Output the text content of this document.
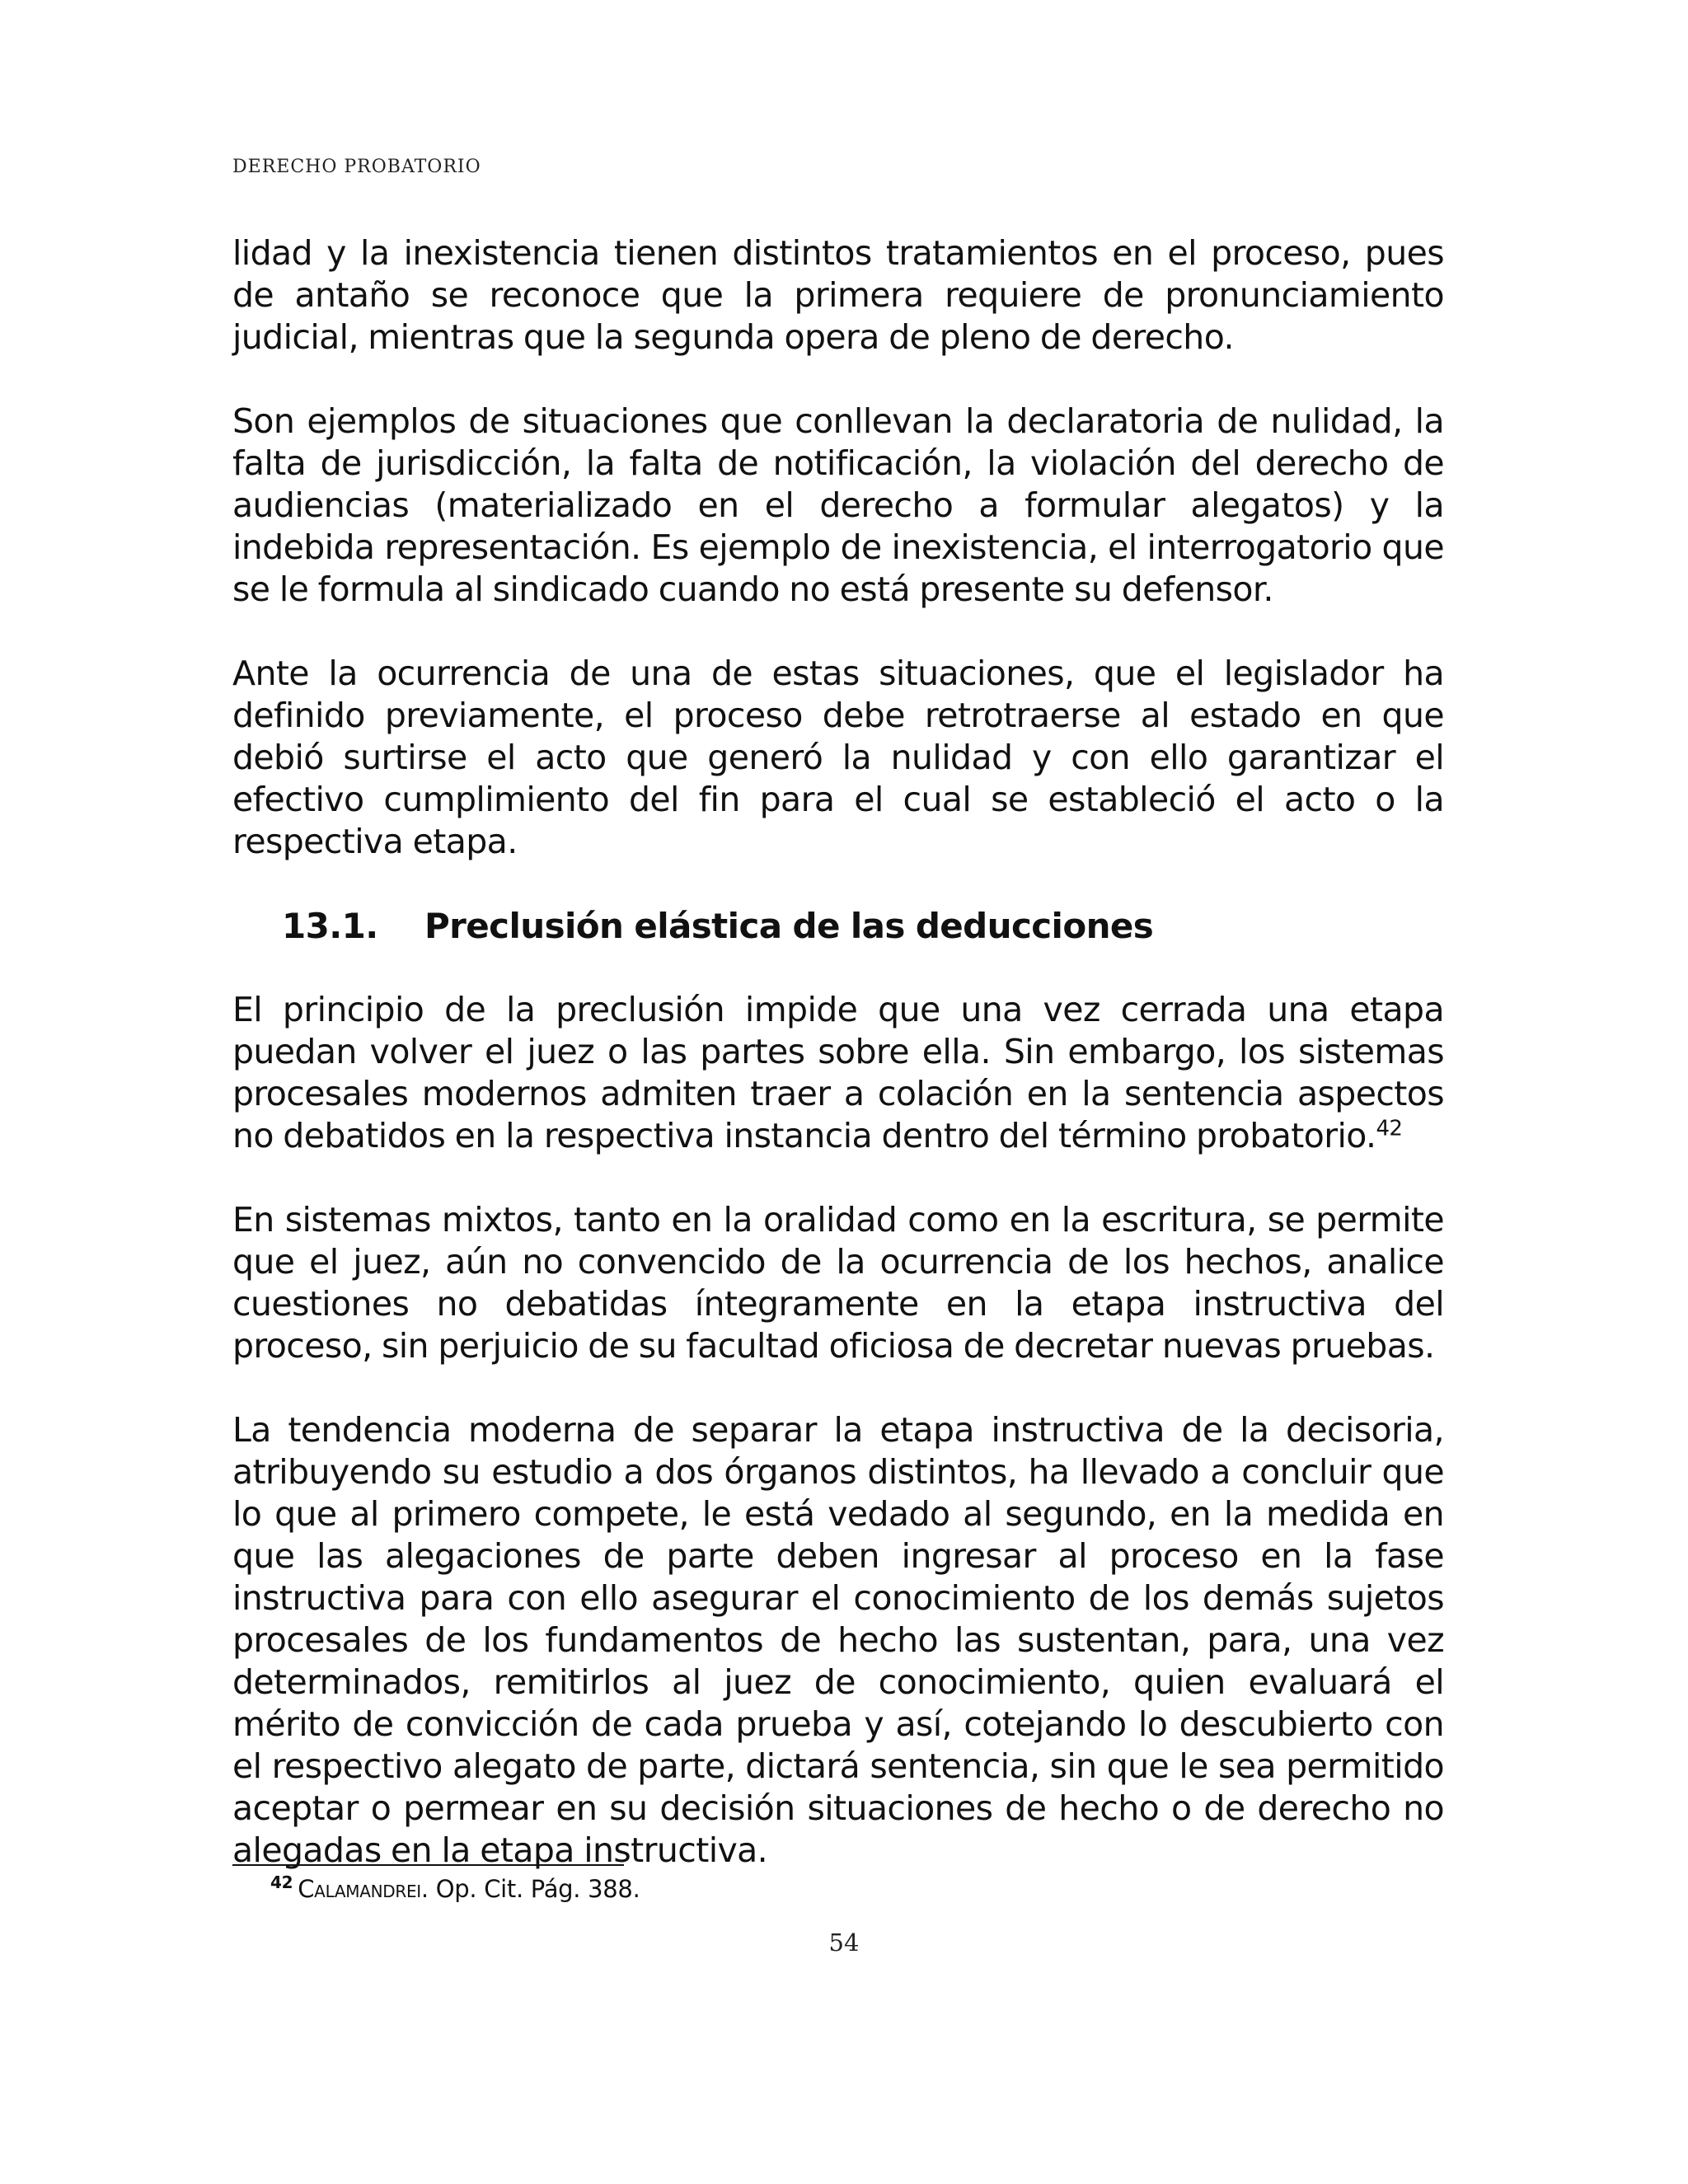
DERECHO PROBATORIO

lidad y la inexistencia tienen distintos tratamientos en el proceso, pues de antaño se reconoce que la primera requiere de pronunciamiento judicial, mientras que la segunda opera de pleno de derecho.

Son ejemplos de situaciones que conllevan la declaratoria de nulidad, la falta de jurisdicción, la falta de notificación, la violación del derecho de audiencias (materializado en el derecho a formular alegatos) y la indebida representación. Es ejemplo de inexistencia, el interrogatorio que se le formula al sindicado cuando no está presente su defensor.

Ante la ocurrencia de una de estas situaciones, que el legislador ha definido previamente, el proceso debe retrotraerse al estado en que debió surtirse el acto que generó la nulidad y con ello garantizar el efectivo cumplimiento del fin para el cual se estableció el acto o la respectiva etapa.

13.1. Preclusión elástica de las deducciones

El principio de la preclusión impide que una vez cerrada una etapa puedan volver el juez o las partes sobre ella. Sin embargo, los sistemas procesales modernos admiten traer a colación en la sentencia aspectos no debatidos en la respectiva instancia dentro del término probatorio.$^{42}$

En sistemas mixtos, tanto en la oralidad como en la escritura, se permite que el juez, aún no convencido de la ocurrencia de los hechos, analice cuestiones no debatidas íntegramente en la etapa instructiva del proceso, sin perjuicio de su facultad oficiosa de decretar nuevas pruebas.

La tendencia moderna de separar la etapa instructiva de la decisoria, atribuyendo su estudio a dos órganos distintos, ha llevado a concluir que lo que al primero compete, le está vedado al segundo, en la medida en que las alegaciones de parte deben ingresar al proceso en la fase instructiva para con ello asegurar el conocimiento de los demás sujetos procesales de los fundamentos de hecho las sustentan, para, una vez determinados, remitirlos al juez de conocimiento, quien evaluará el mérito de convicción de cada prueba y así, cotejando lo descubierto con el respectivo alegato de parte, dictará sentencia, sin que le sea permitido aceptar o permear en su decisión situaciones de hecho o de derecho no alegadas en la etapa instructiva.

$^{42}$ Calamandrei. Op. Cit. Pág. 388.
54
